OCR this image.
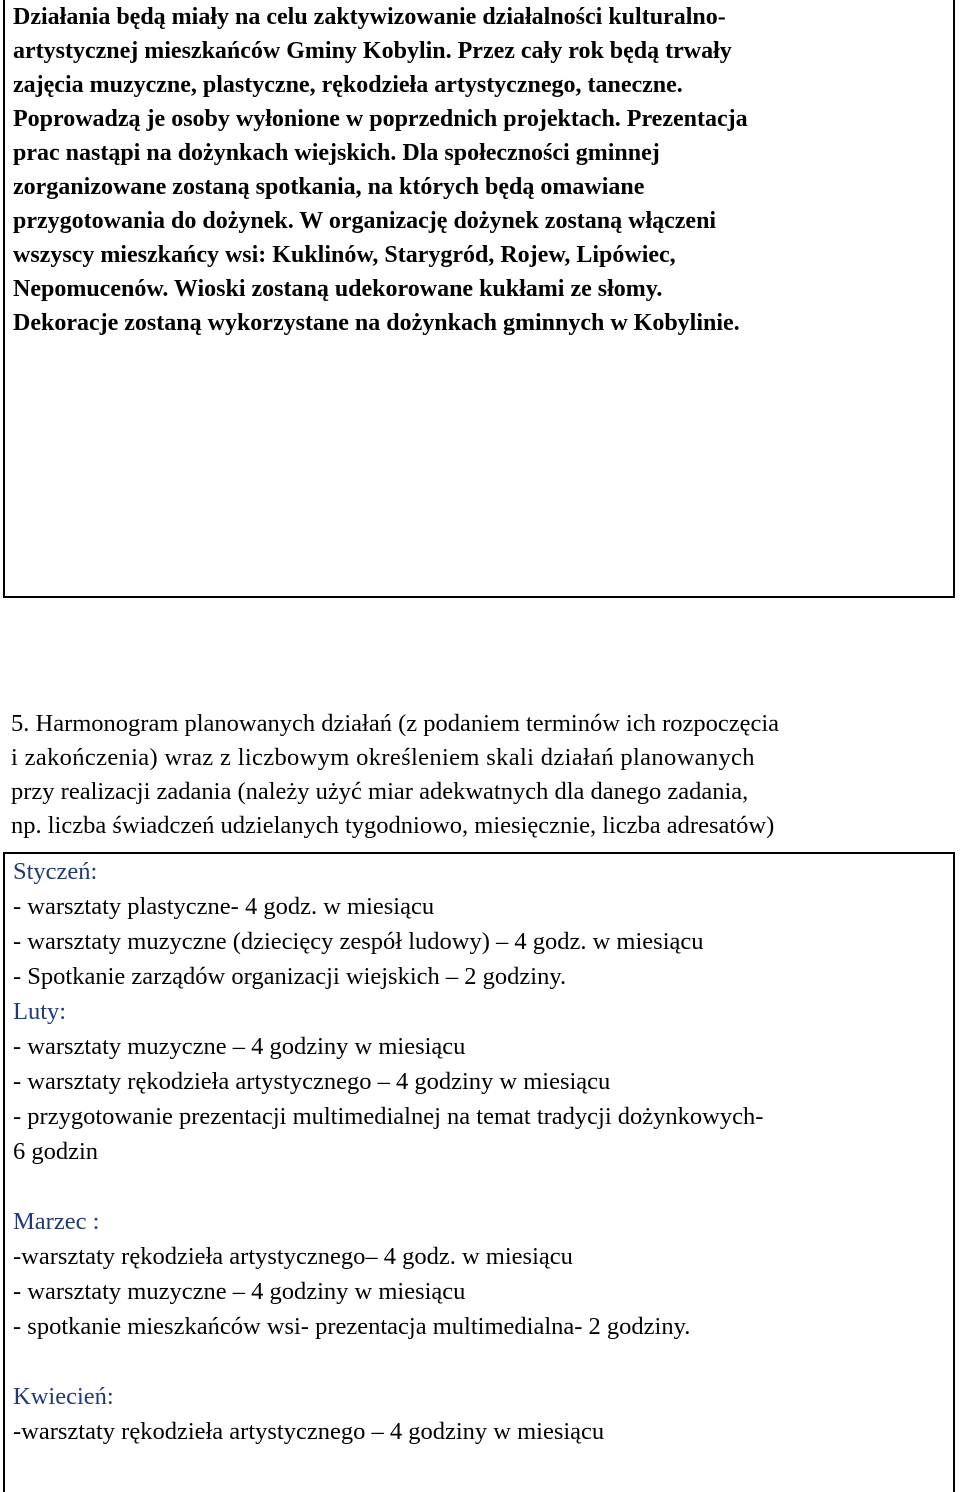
Działania będą miały na celu zaktywizowanie działalności kulturalno-
artystycznej mieszkańców Gminy Kobylin. Przez cały rok będą trwały
zajęcia muzyczne, plastyczne, rękodzieła artystycznego, taneczne.
Poprowadzą je osoby wyłonione w poprzednich projektach. Prezentacja
prac nastąpi na dożynkach wiejskich. Dla społeczności gminnej
zorganizowane zostaną spotkania, na których będą omawiane
przygotowania do dożynek. W organizację dożynek zostaną włączeni
wszyscy mieszkańcy wsi: Kuklinów, Starygród, Rojew, Lipówiec,
Nepomucenów. Wioski zostaną udekorowane kukłami ze słomy.
Dekoracje zostaną wykorzystane na dożynkach gminnych w Kobylinie.
5. Harmonogram planowanych działań (z podaniem terminów ich rozpoczęcia
i zakończenia) wraz z liczbowym określeniem skali działań planowanych
przy realizacji zadania (należy użyć miar adekwatnych dla danego zadania,
np. liczba świadczeń udzielanych tygodniowo, miesięcznie, liczba adresatów)
Styczeń:
- warsztaty plastyczne- 4 godz. w miesiącu
- warsztaty muzyczne (dziecięcy zespół ludowy) – 4 godz. w miesiącu
- Spotkanie zarządów organizacji wiejskich – 2 godziny.
Luty:
- warsztaty muzyczne – 4 godziny w miesiącu
- warsztaty rękodzieła artystycznego – 4 godziny w miesiącu
- przygotowanie prezentacji multimedialnej na temat tradycji dożynkowych-
6 godzin
Marzec :
-warsztaty rękodzieła artystycznego– 4 godz. w miesiącu
- warsztaty muzyczne – 4 godziny w miesiącu
- spotkanie mieszkańców wsi- prezentacja multimedialna- 2 godziny.
Kwiecień:
-warsztaty rękodzieła artystycznego – 4 godziny w miesiącu
